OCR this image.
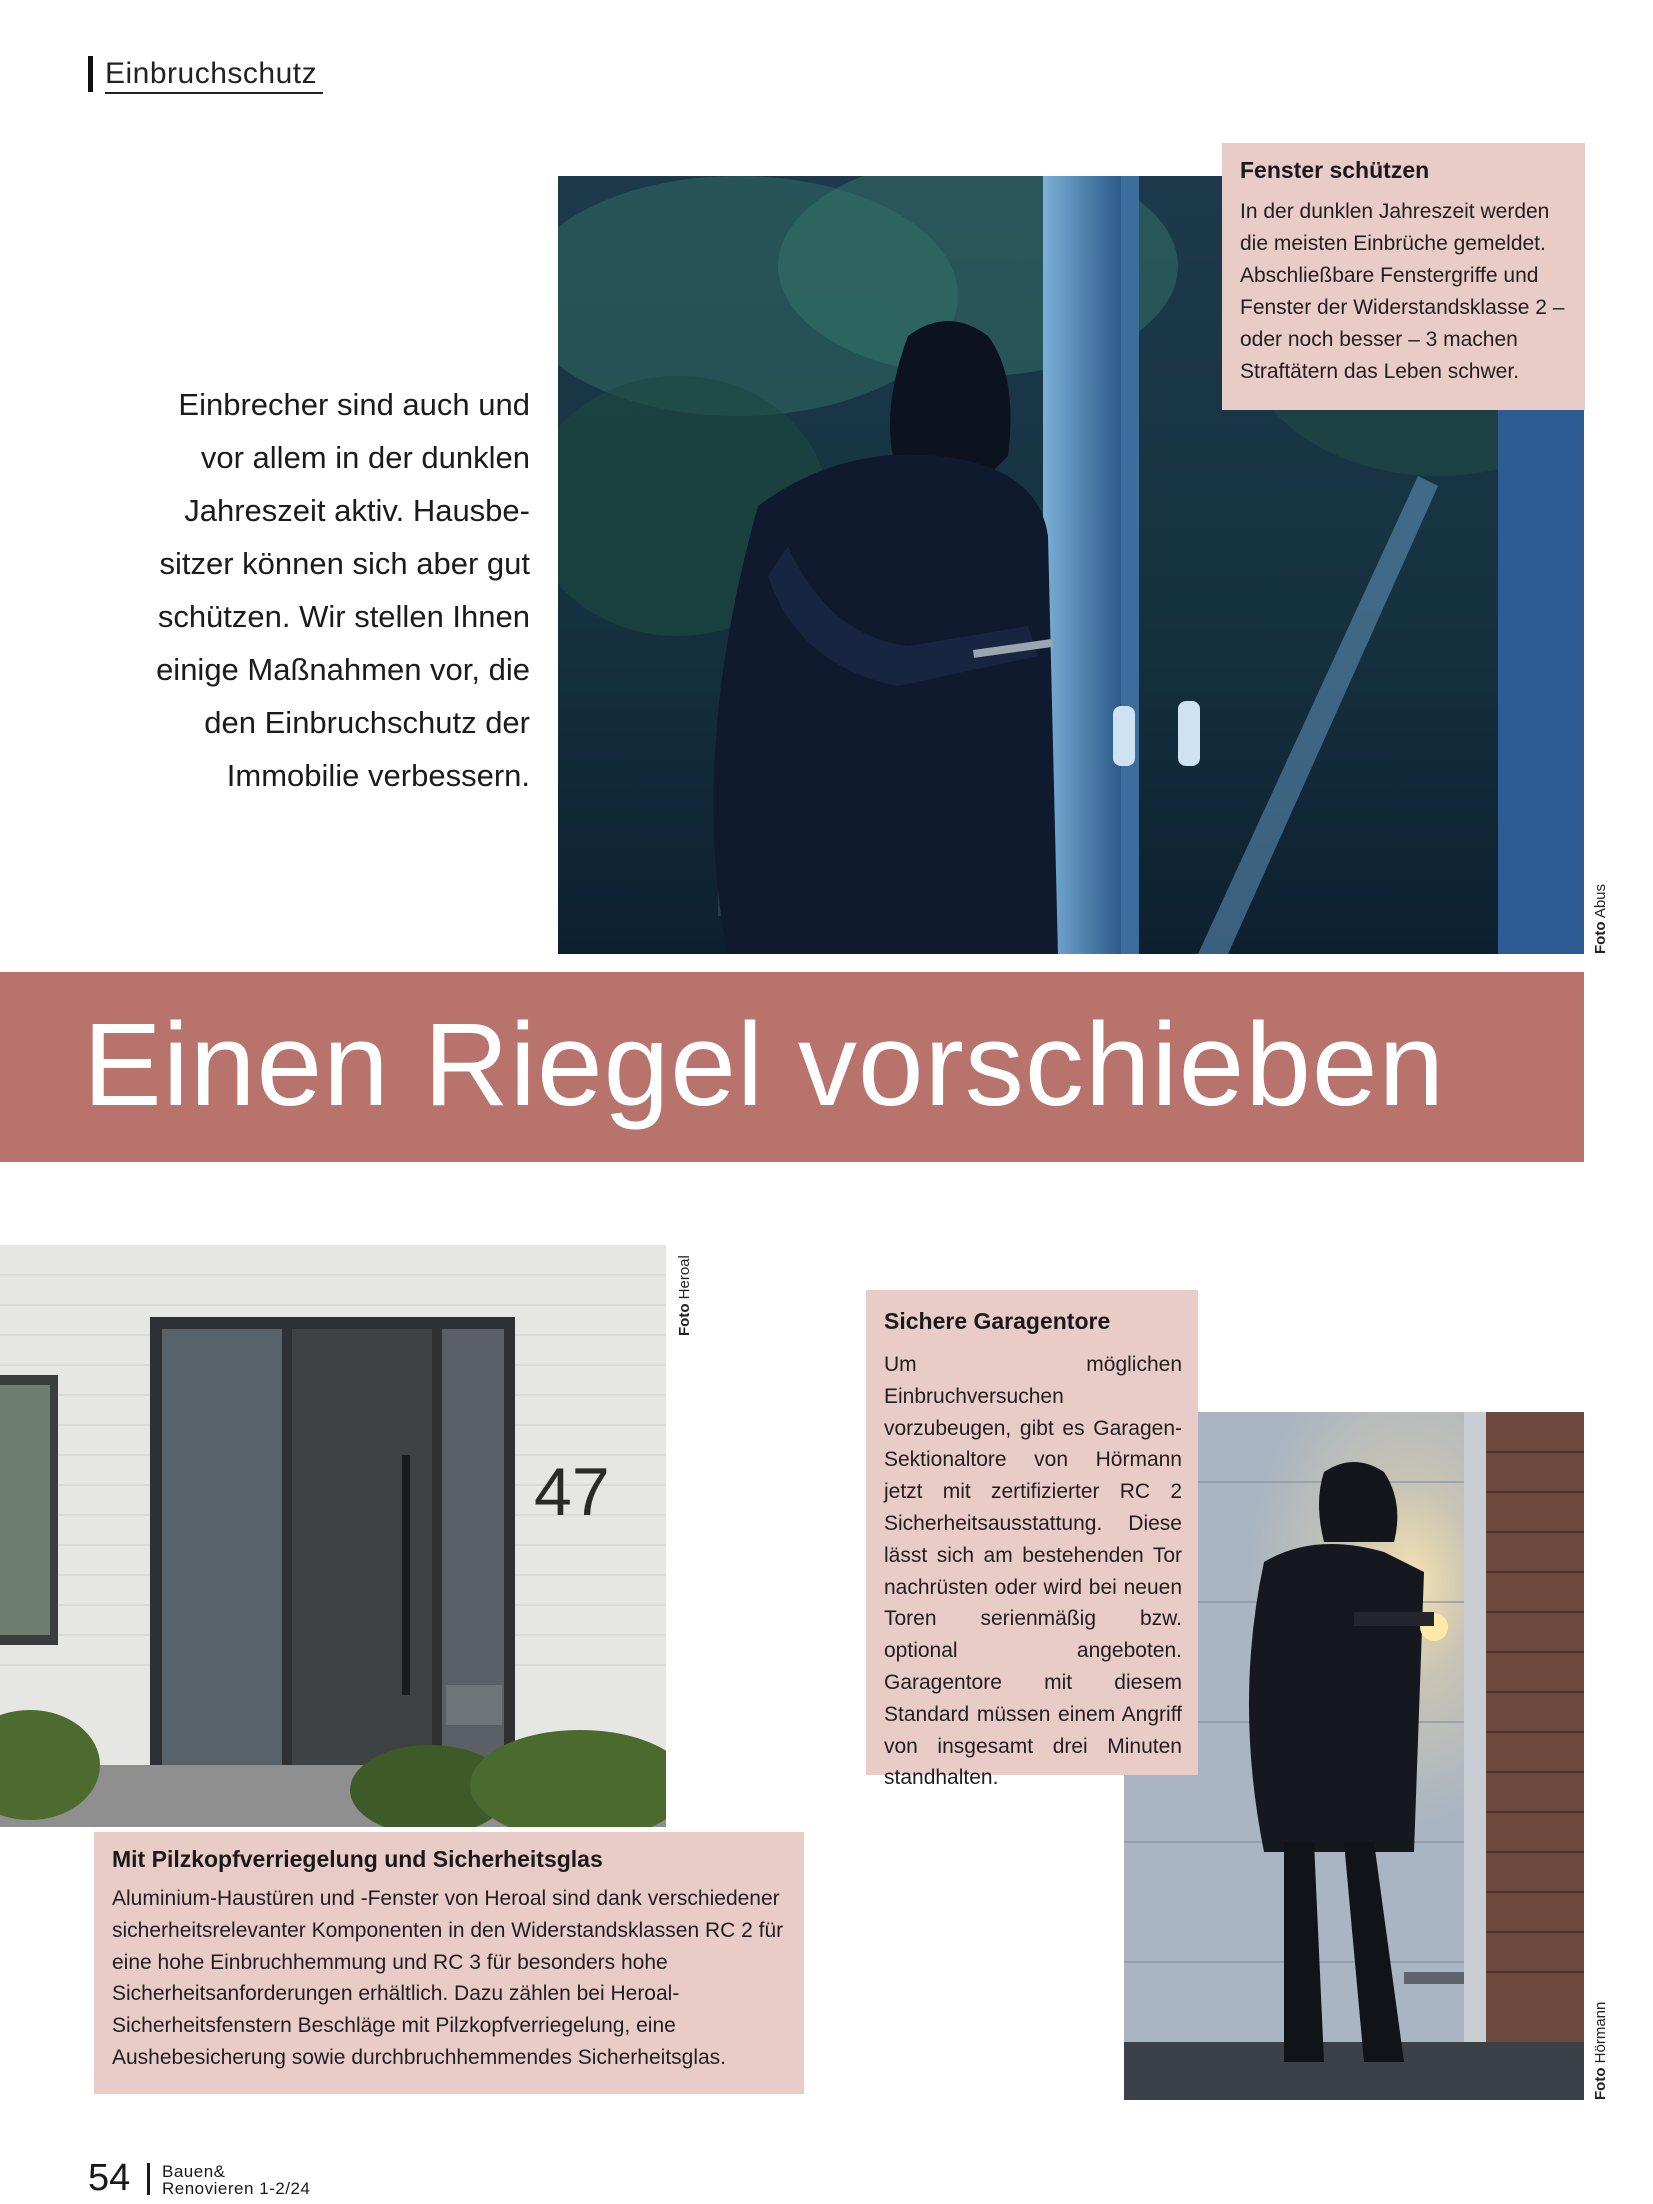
Einbruchschutz
Einbrecher sind auch und
vor allem in der dunklen
Jahreszeit aktiv. Hausbe-
sitzer können sich aber gut
schützen. Wir stellen Ihnen
einige Maßnahmen vor, die
den Einbruchschutz der
Immobilie verbessern.
Foto Abus
Fenster schützen

In der dunklen Jahreszeit werden die meisten Einbrüche gemeldet. Abschließbare Fenstergriffe und Fenster der Widerstandsklasse 2 – oder noch besser – 3 machen Straftätern das Leben schwer.

Einen Riegel vorschieben
47
Foto Heroal
Foto Hörmann
Sichere Garagentore

Um möglichen Einbruchversuchen vorzubeugen, gibt es Garagen-Sektionaltore von Hörmann jetzt mit zertifizierter RC 2 Sicherheitsausstattung. Diese lässt sich am bestehenden Tor nachrüsten oder wird bei neuen Toren serienmäßig bzw. optional angeboten. Garagentore mit diesem Standard müssen einem Angriff von insgesamt drei Minuten standhalten.

Mit Pilzkopfverriegelung und Sicherheitsglas

Aluminium-Haustüren und -Fenster von Heroal sind dank verschiedener sicherheitsrelevanter Komponenten in den Widerstandsklassen RC 2 für eine hohe Einbruchhemmung und RC 3 für besonders hohe Sicherheitsanforderungen erhältlich. Dazu zählen bei Heroal-Sicherheitsfenstern Beschläge mit Pilzkopfverriegelung, eine Aushebesicherung sowie durchbruchhemmendes Sicherheitsglas.

54 Bauen&
Renovieren 1-2/24
